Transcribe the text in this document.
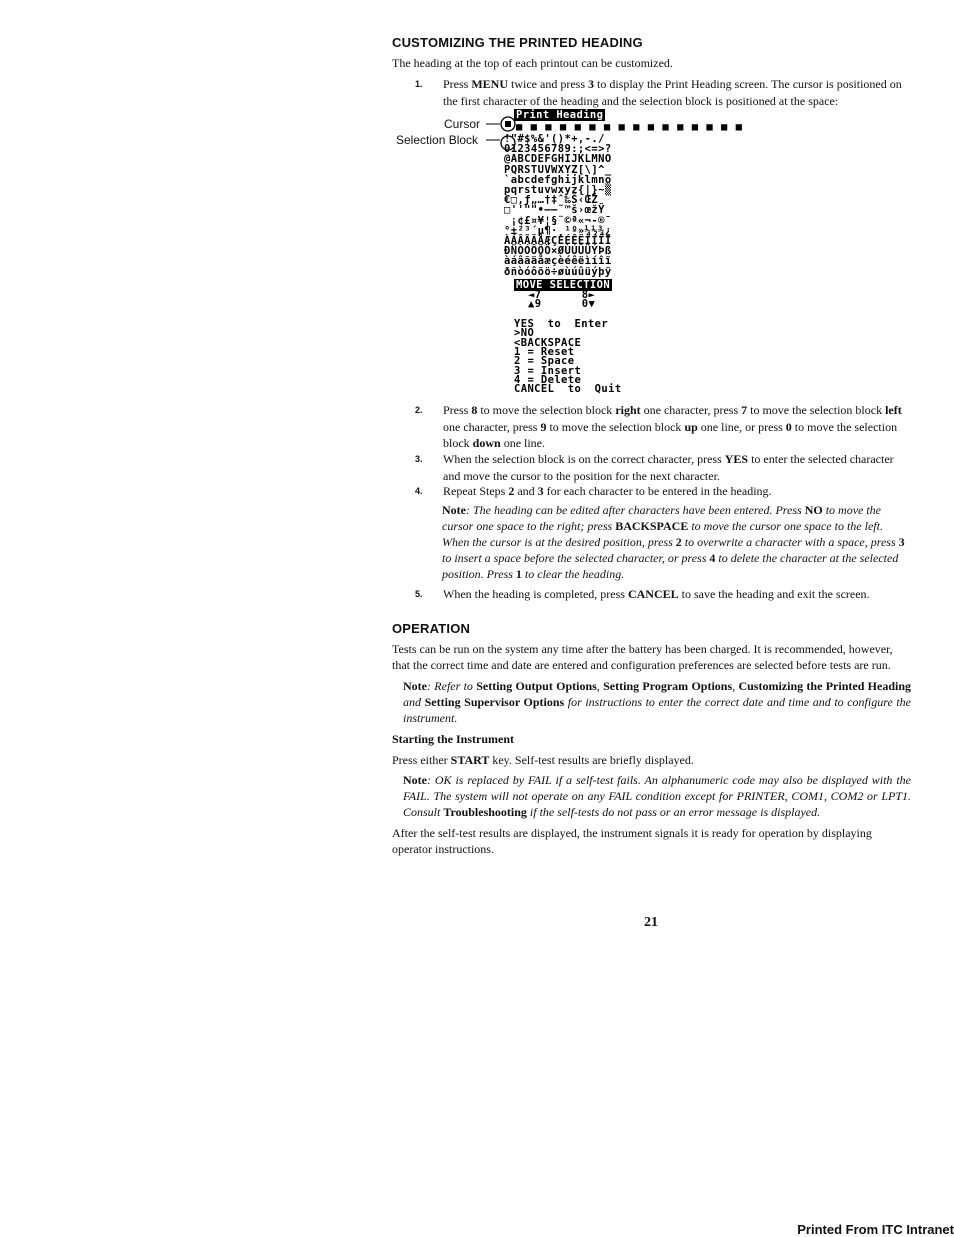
CUSTOMIZING THE PRINTED HEADING

The heading at the top of each printout can be customized.

1. Press MENU twice and press 3 to display the Print Heading screen. The cursor is positioned on the first character of the heading and the selection block is positioned at the space:
Cursor
Selection Block

Print Heading

■ ■ ■ ■ ■ ■ ■ ■ ■ ■ ■ ■ ■ ■ ■ ■

!"#$%&'()*+,-./
0123456789:;<=>?
@ABCDEFGHIJKLMNO
PQRSTUVWXYZ[\]^_
`abcdefghijklmno
pqrstuvwxyz{|}~▒
€□‚ƒ„…†‡ˆ‰Š‹ŒŽ
□''""•–—˜™š›œžŸ
¡¢£¤¥¦§¨©ª«¬-®¯
°±²³´µ¶·¸¹º»¼½¾¿
ÀÁÂÃÄÅÆÇÈÉÊËÌÍÎÏ
ÐÑÒÓÔÕÖ×ØÙÚÛÜÝÞß
àáâãäåæçèéêëìíîï
ðñòóôõö÷øùúûüýþÿ

MOVE SELECTION

◄7      8►

▲9      0▼

YES  to  Enter
>NO
<BACKSPACE
1 = Reset
2 = Space
3 = Insert
4 = Delete
CANCEL  to  Quit

2. Press 8 to move the selection block right one character, press 7 to move the selection block left one character, press 9 to move the selection block up one line, or press 0 to move the selection block down one line.
3. When the selection block is on the correct character, press YES to enter the selected character and move the cursor to the position for the next character.
4. Repeat Steps 2 and 3 for each character to be entered in the heading.
Note: The heading can be edited after characters have been entered. Press NO to move the cursor one space to the right; press BACKSPACE to move the cursor one space to the left. When the cursor is at the desired position, press 2 to overwrite a character with a space, press 3 to insert a space before the selected character, or press 4 to delete the character at the selected position. Press 1 to clear the heading.
5. When the heading is completed, press CANCEL to save the heading and exit the screen.
OPERATION

Tests can be run on the system any time after the battery has been charged. It is recommended, however, that the correct time and date are entered and configuration preferences are selected before tests are run.

Note: Refer to Setting Output Options, Setting Program Options, Customizing the Printed Heading and Setting Supervisor Options for instructions to enter the correct date and time and to configure the instrument.

Starting the Instrument

Press either START key. Self-test results are briefly displayed.

Note: OK is replaced by FAIL if a self-test fails. An alphanumeric code may also be displayed with the FAIL. The system will not operate on any FAIL condition except for PRINTER, COM1, COM2 or LPT1. Consult Troubleshooting if the self-tests do not pass or an error message is displayed.

After the self-test results are displayed, the instrument signals it is ready for operation by displaying operator instructions.

21
Printed From ITC Intranet
